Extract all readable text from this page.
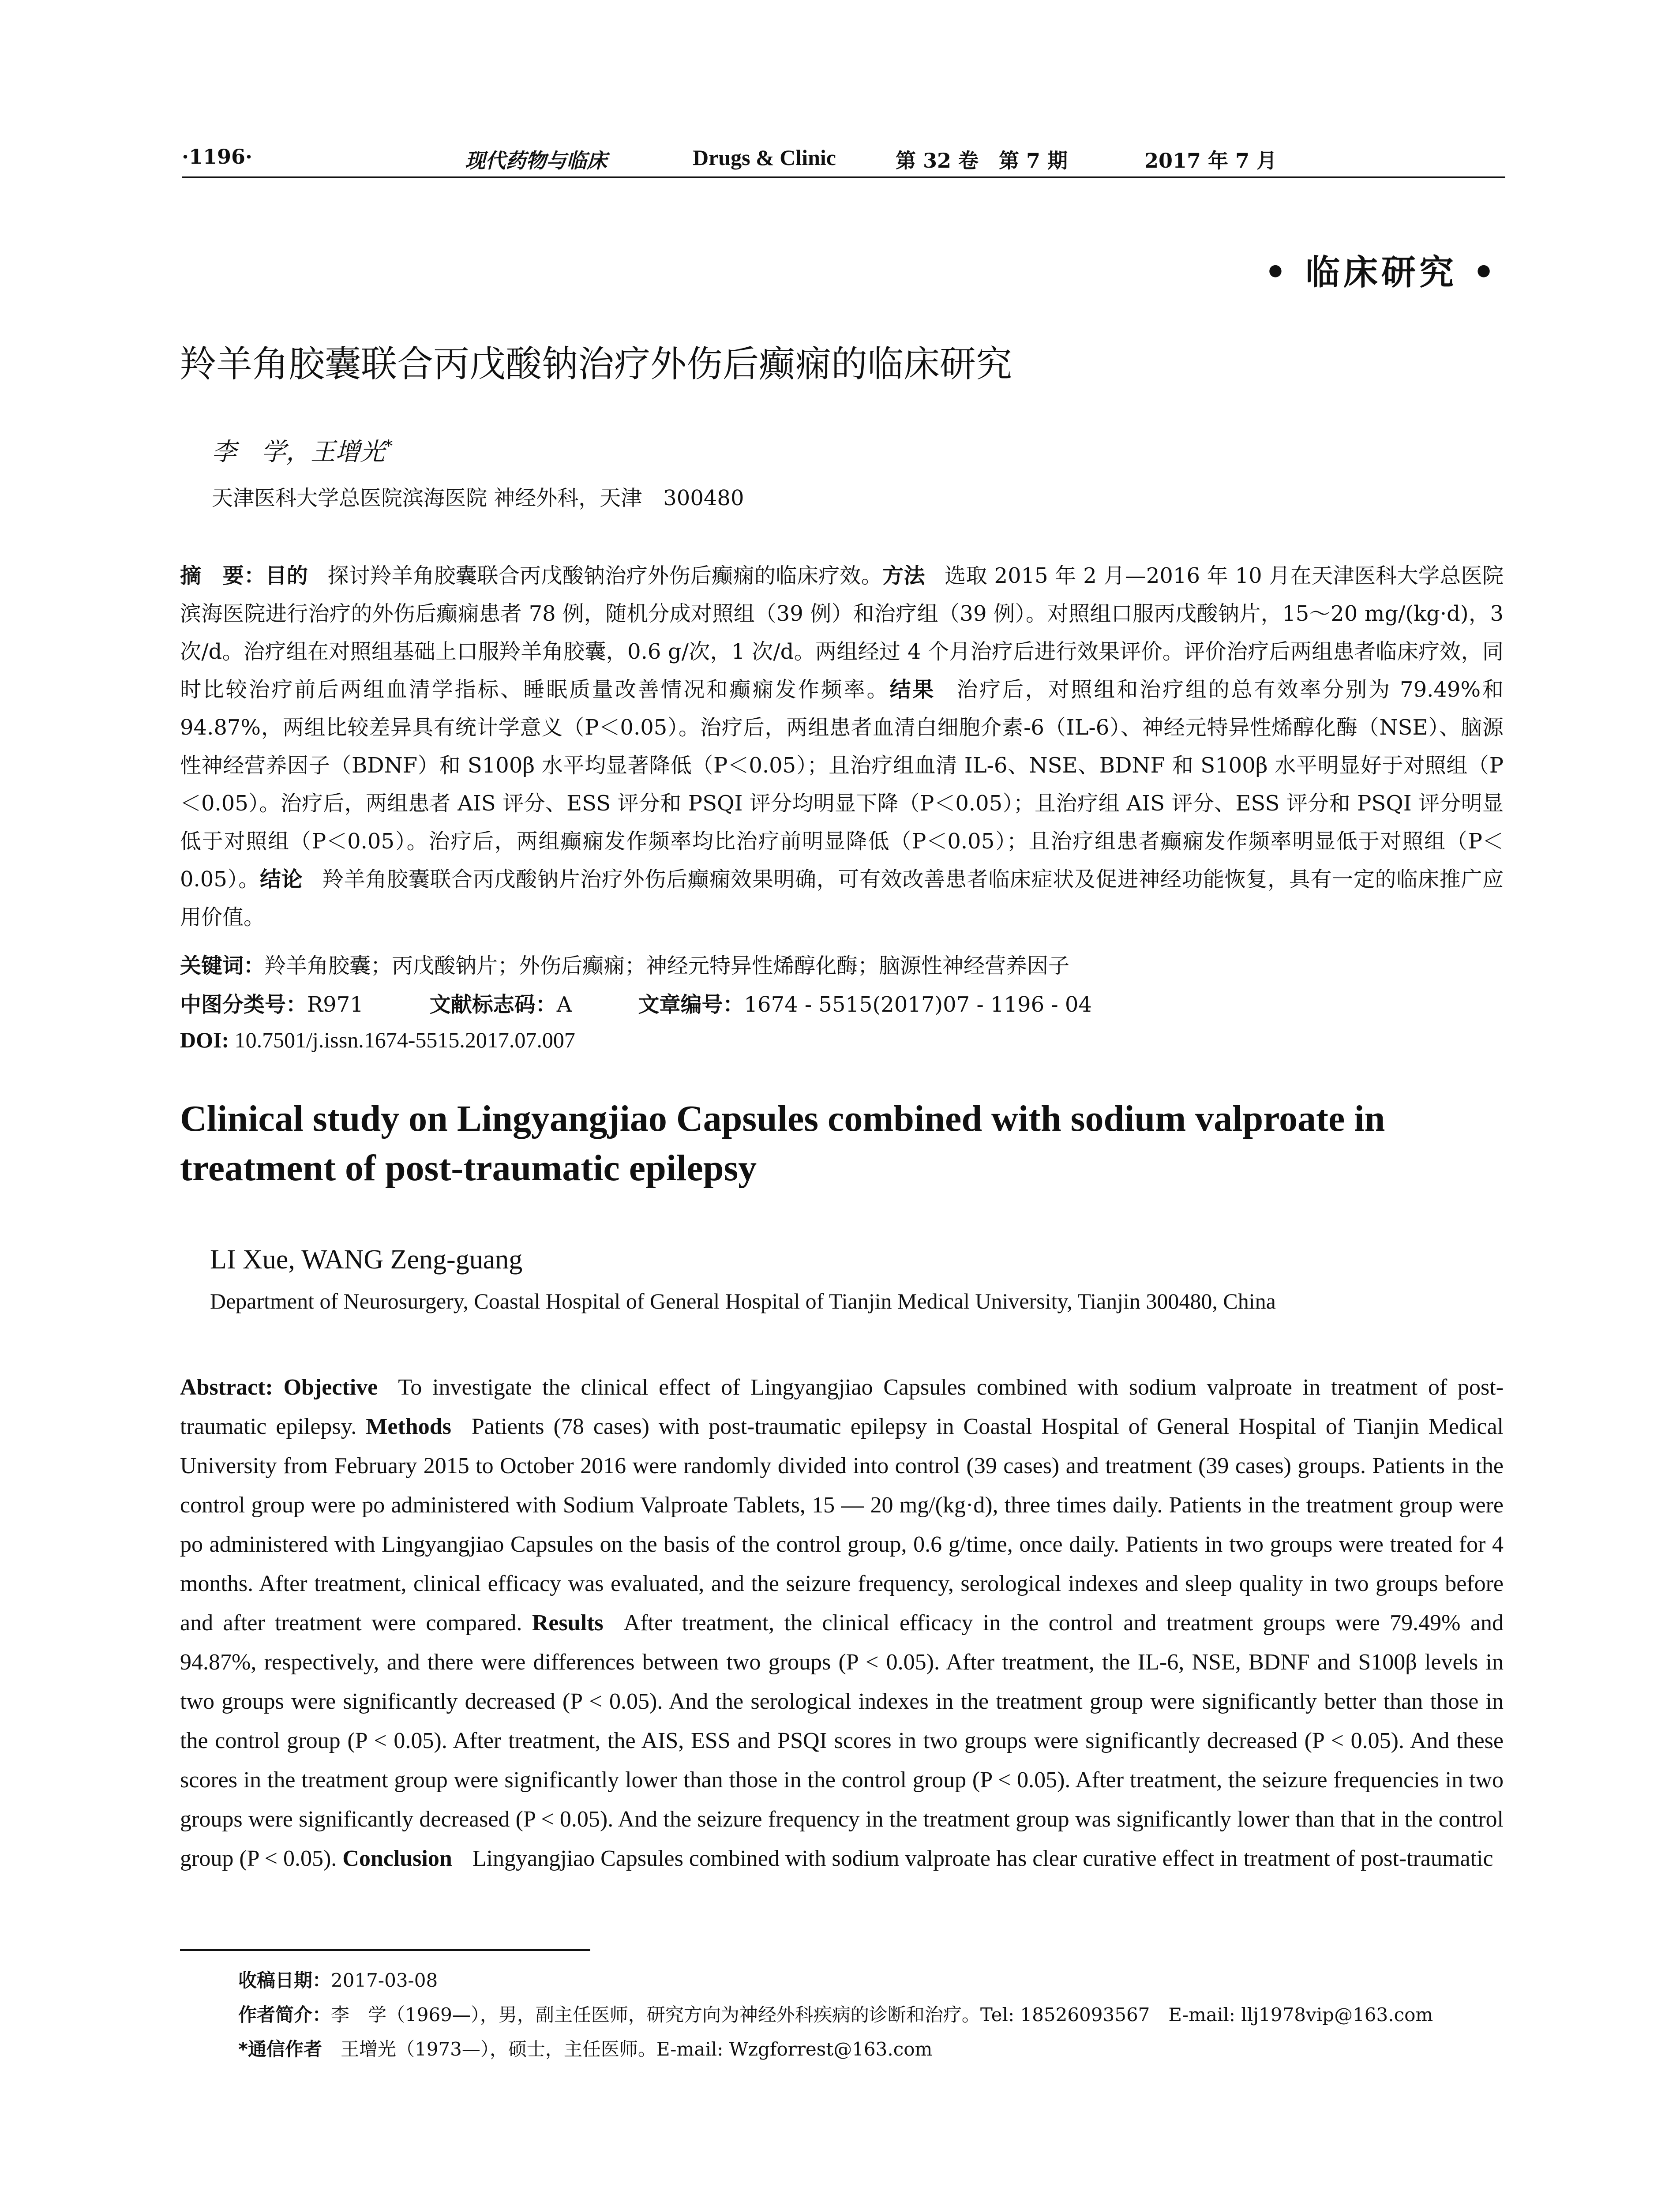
·1196·	现代药物与临床	Drugs & Clinic	第 32 卷　第 7 期	2017 年 7 月
• 临床研究 •
羚羊角胶囊联合丙戊酸钠治疗外伤后癫痫的临床研究
李　学，王增光*
天津医科大学总医院滨海医院 神经外科，天津　300480
摘　要：目的 探讨羚羊角胶囊联合丙戊酸钠治疗外伤后癫痫的临床疗效。方法 选取 2015 年 2 月—2016 年 10 月在天津医科大学总医院滨海医院进行治疗的外伤后癫痫患者 78 例，随机分成对照组（39 例）和治疗组（39 例）。对照组口服丙戊酸钠片，15～20 mg/(kg·d)，3 次/d。治疗组在对照组基础上口服羚羊角胶囊，0.6 g/次，1 次/d。两组经过 4 个月治疗后进行效果评价。评价治疗后两组患者临床疗效，同时比较治疗前后两组血清学指标、睡眠质量改善情况和癫痫发作频率。结果 治疗后，对照组和治疗组的总有效率分别为 79.49%和 94.87%，两组比较差异具有统计学意义（P＜0.05）。治疗后，两组患者血清白细胞介素-6（IL-6）、神经元特异性烯醇化酶（NSE）、脑源性神经营养因子（BDNF）和 S100β 水平均显著降低（P＜0.05）；且治疗组血清 IL-6、NSE、BDNF 和 S100β 水平明显好于对照组（P＜0.05）。治疗后，两组患者 AIS 评分、ESS 评分和 PSQI 评分均明显下降（P＜0.05）；且治疗组 AIS 评分、ESS 评分和 PSQI 评分明显低于对照组（P＜0.05）。治疗后，两组癫痫发作频率均比治疗前明显降低（P＜0.05）；且治疗组患者癫痫发作频率明显低于对照组（P＜0.05）。结论 羚羊角胶囊联合丙戊酸钠片治疗外伤后癫痫效果明确，可有效改善患者临床症状及促进神经功能恢复，具有一定的临床推广应用价值。
关键词：羚羊角胶囊；丙戊酸钠片；外伤后癫痫；神经元特异性烯醇化酶；脑源性神经营养因子
中图分类号：R971	文献标志码：A	文章编号：1674 - 5515(2017)07 - 1196 - 04
DOI: 10.7501/j.issn.1674-5515.2017.07.007
Clinical study on Lingyangjiao Capsules combined with sodium valproate in treatment of post-traumatic epilepsy
LI Xue, WANG Zeng-guang
Department of Neurosurgery, Coastal Hospital of General Hospital of Tianjin Medical University, Tianjin 300480, China
Abstract: Objective To investigate the clinical effect of Lingyangjiao Capsules combined with sodium valproate in treatment of post-traumatic epilepsy. Methods Patients (78 cases) with post-traumatic epilepsy in Coastal Hospital of General Hospital of Tianjin Medical University from February 2015 to October 2016 were randomly divided into control (39 cases) and treatment (39 cases) groups. Patients in the control group were po administered with Sodium Valproate Tablets, 15 — 20 mg/(kg·d), three times daily. Patients in the treatment group were po administered with Lingyangjiao Capsules on the basis of the control group, 0.6 g/time, once daily. Patients in two groups were treated for 4 months. After treatment, clinical efficacy was evaluated, and the seizure frequency, serological indexes and sleep quality in two groups before and after treatment were compared. Results After treatment, the clinical efficacy in the control and treatment groups were 79.49% and 94.87%, respectively, and there were differences between two groups (P < 0.05). After treatment, the IL-6, NSE, BDNF and S100β levels in two groups were significantly decreased (P < 0.05). And the serological indexes in the treatment group were significantly better than those in the control group (P < 0.05). After treatment, the AIS, ESS and PSQI scores in two groups were significantly decreased (P < 0.05). And these scores in the treatment group were significantly lower than those in the control group (P < 0.05). After treatment, the seizure frequencies in two groups were significantly decreased (P < 0.05). And the seizure frequency in the treatment group was significantly lower than that in the control group (P < 0.05). Conclusion Lingyangjiao Capsules combined with sodium valproate has clear curative effect in treatment of post-traumatic
收稿日期：2017-03-08
作者简介：李　学（1969—），男，副主任医师，研究方向为神经外科疾病的诊断和治疗。Tel: 18526093567　E-mail: llj1978vip@163.com
*通信作者　 王增光（1973—），硕士，主任医师。E-mail: Wzgforrest@163.com
